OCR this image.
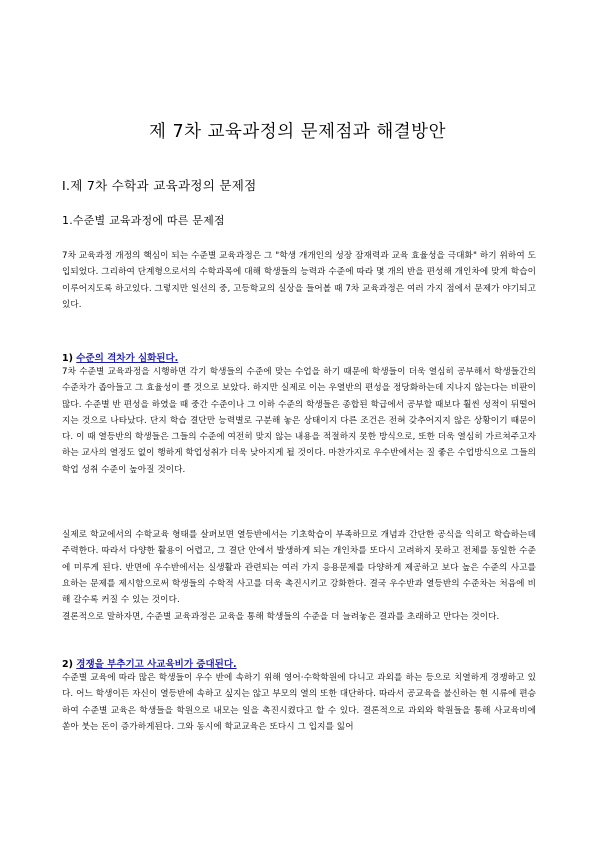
제 7차 교육과정의 문제점과 해결방안
Ⅰ.제 7차 수학과 교육과정의 문제점
1.수준별 교육과정에 따른 문제점

7차 교육과정 개정의 핵심이 되는 수준별 교육과정은 그 "학생 개개인의 성장 잠재력과 교육 효율성을 극대화" 하기 위하여 도입되었다. 그리하여 단계형으로서의 수학과목에 대해 학생들의 능력과 수준에 따라 몇 개의 반을 편성해 개인차에 맞게 학습이 이루어지도록 하고있다. 그렇지만 일선의 중, 고등학교의 실상을 들어볼 때 7차 교육과정은 여러 가지 점에서 문제가 야기되고있다.

1) 수준의 격차가 심화된다.

7차 수준별 교육과정을 시행하면 각기 학생들의 수준에 맞는 수업을 하기 때문에 학생들이 더욱 열심히 공부해서 학생들간의 수준차가 좁아들고 그 효율성이 클 것으로 보았다. 하지만 실제로 이는 우열반의 편성을 정당화하는데 지나지 않는다는 비판이 많다. 수준별 반 편성을 하였을 때 중간 수준이나 그 이하 수준의 학생들은 종합된 학급에서 공부할 때보다 훨씬 성적이 뒤떨어지는 것으로 나타났다. 단지 학습 결단만 능력별로 구분해 놓은 상태이지 다른 조건은 전혀 갖추어지지 않은 상황이기 때문이다. 이 때 열등반의 학생들은 그들의 수준에 여전히 맞지 않는 내용을 적절하지 못한 방식으로, 또한 더욱 열심히 가르쳐주고자 하는 교사의 열정도 없이 행하게 학업성취가 더욱 낮아지게 될 것이다. 마찬가지로 우수반에서는 질 좋은 수업방식으로 그들의 학업 성취 수준이 높아질 것이다.

실제로 학교에서의 수학교육 형태를 살펴보면 열등반에서는 기초학습이 부족하므로 개념과 간단한 공식을 익히고 학습하는데 주력한다. 따라서 다양한 활용이 어렵고, 그 결단 안에서 발생하게 되는 개인차를 또다시 고려하지 못하고 전체를 동일한 수준에 미루게 된다. 반면에 우수반에서는 실생활과 관련되는 여러 가지 응용문제를 다양하게 제공하고 보다 높은 수준의 사고를 요하는 문제를 제시함으로써 학생들의 수학적 사고를 더욱 촉진시키고 강화한다. 결국 우수반과 열등반의 수준차는 처음에 비해 갈수록 커질 수 있는 것이다.

결론적으로 말하자면, 수준별 교육과정은 교육을 통해 학생들의 수준을 더 늘려놓은 결과를 초래하고 만다는 것이다.

2) 경쟁을 부추기고 사교육비가 증대된다.

수준별 교육에 따라 많은 학생들이 우수 반에 속하기 위해 영어·수학학원에 다니고 과외를 하는 등으로 치열하게 경쟁하고 있다. 어느 학생이든 자신이 열등반에 속하고 싶지는 않고 부모의 열의 또한 대단하다. 따라서 공교육을 불신하는 현 시류에 편승하여 수준별 교육은 학생들을 학원으로 내모는 일을 촉진시켰다고 할 수 있다. 결론적으로 과외와 학원들을 통해 사교육비에 쏟아 붓는 돈이 증가하게된다. 그와 동시에 학교교육은 또다시 그 입지를 잃어
